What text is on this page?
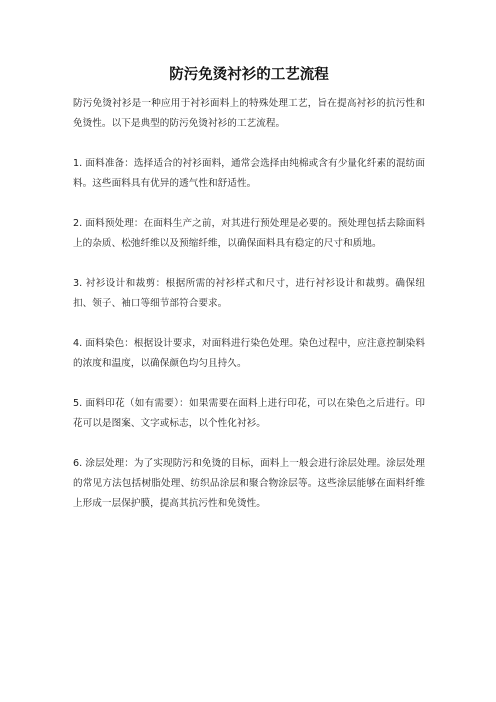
防污免烫衬衫的工艺流程

防污免烫衬衫是一种应用于衬衫面料上的特殊处理工艺，旨在提高衬衫的抗污性和免烫性。以下是典型的防污免烫衬衫的工艺流程。

1. 面料准备：选择适合的衬衫面料，通常会选择由纯棉或含有少量化纤素的混纺面料。这些面料具有优异的透气性和舒适性。

2. 面料预处理：在面料生产之前，对其进行预处理是必要的。预处理包括去除面料上的杂质、松弛纤维以及预缩纤维，以确保面料具有稳定的尺寸和质地。

3. 衬衫设计和裁剪：根据所需的衬衫样式和尺寸，进行衬衫设计和裁剪。确保纽扣、领子、袖口等细节部符合要求。

4. 面料染色：根据设计要求，对面料进行染色处理。染色过程中，应注意控制染料的浓度和温度，以确保颜色均匀且持久。

5. 面料印花（如有需要）：如果需要在面料上进行印花，可以在染色之后进行。印花可以是图案、文字或标志，以个性化衬衫。

6. 涂层处理：为了实现防污和免烫的目标，面料上一般会进行涂层处理。涂层处理的常见方法包括树脂处理、纺织品涂层和聚合物涂层等。这些涂层能够在面料纤维上形成一层保护膜，提高其抗污性和免烫性。
